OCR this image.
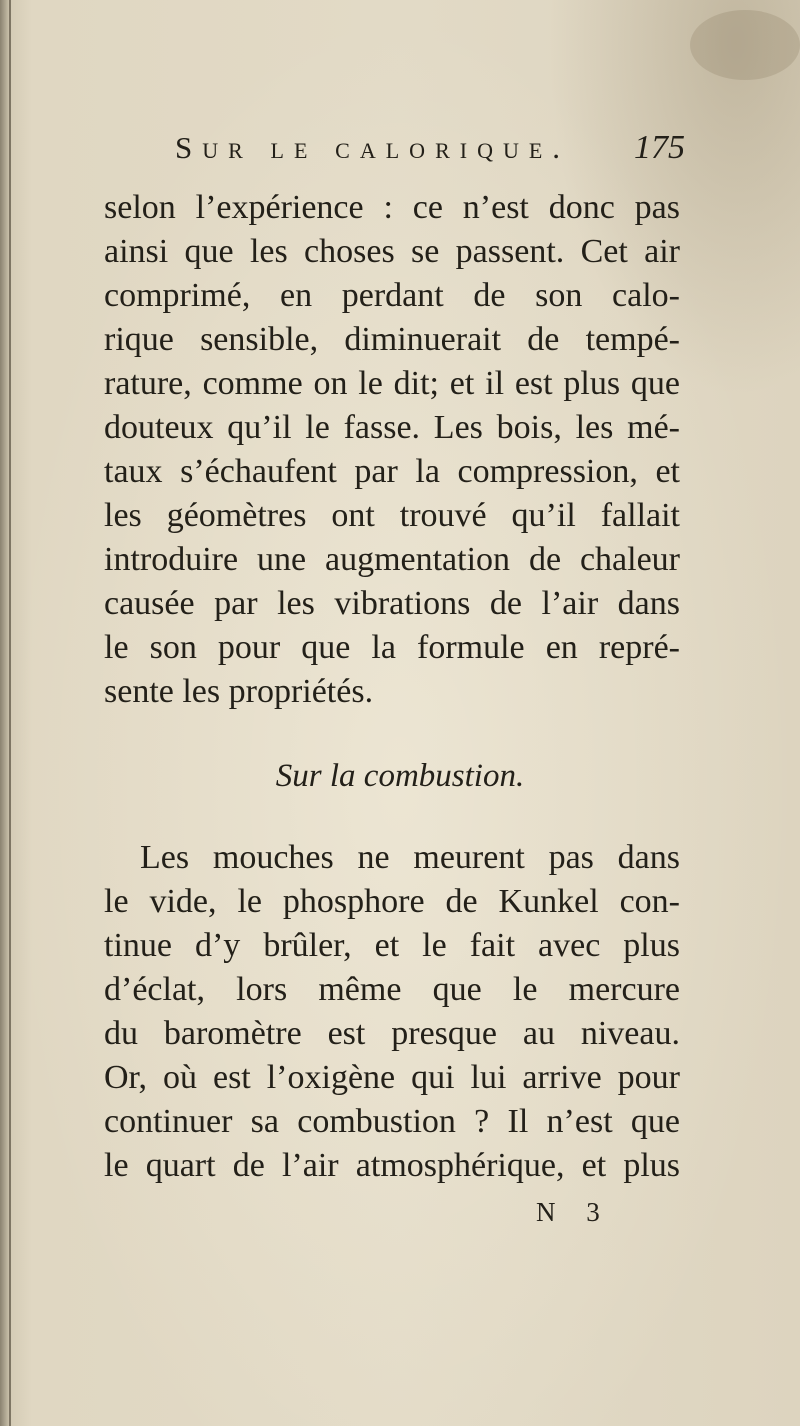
Sur le calorique. 175
selon l’expérience : ce n’est donc pas
ainsi que les choses se passent. Cet air
comprimé, en perdant de son calo-
rique sensible, diminuerait de tempé-
rature, comme on le dit; et il est plus que
douteux qu’il le fasse. Les bois, les mé-
taux s’échaufent par la compression, et
les géomètres ont trouvé qu’il fallait
introduire une augmentation de chaleur
causée par les vibrations de l’air dans
le son pour que la formule en repré-
sente les propriétés.
Sur la combustion.
Les mouches ne meurent pas dans
le vide, le phosphore de Kunkel con-
tinue d’y brûler, et le fait avec plus
d’éclat, lors même que le mercure
du baromètre est presque au niveau.
Or, où est l’oxigène qui lui arrive pour
continuer sa combustion ? Il n’est que
le quart de l’air atmosphérique, et plus
N 3
